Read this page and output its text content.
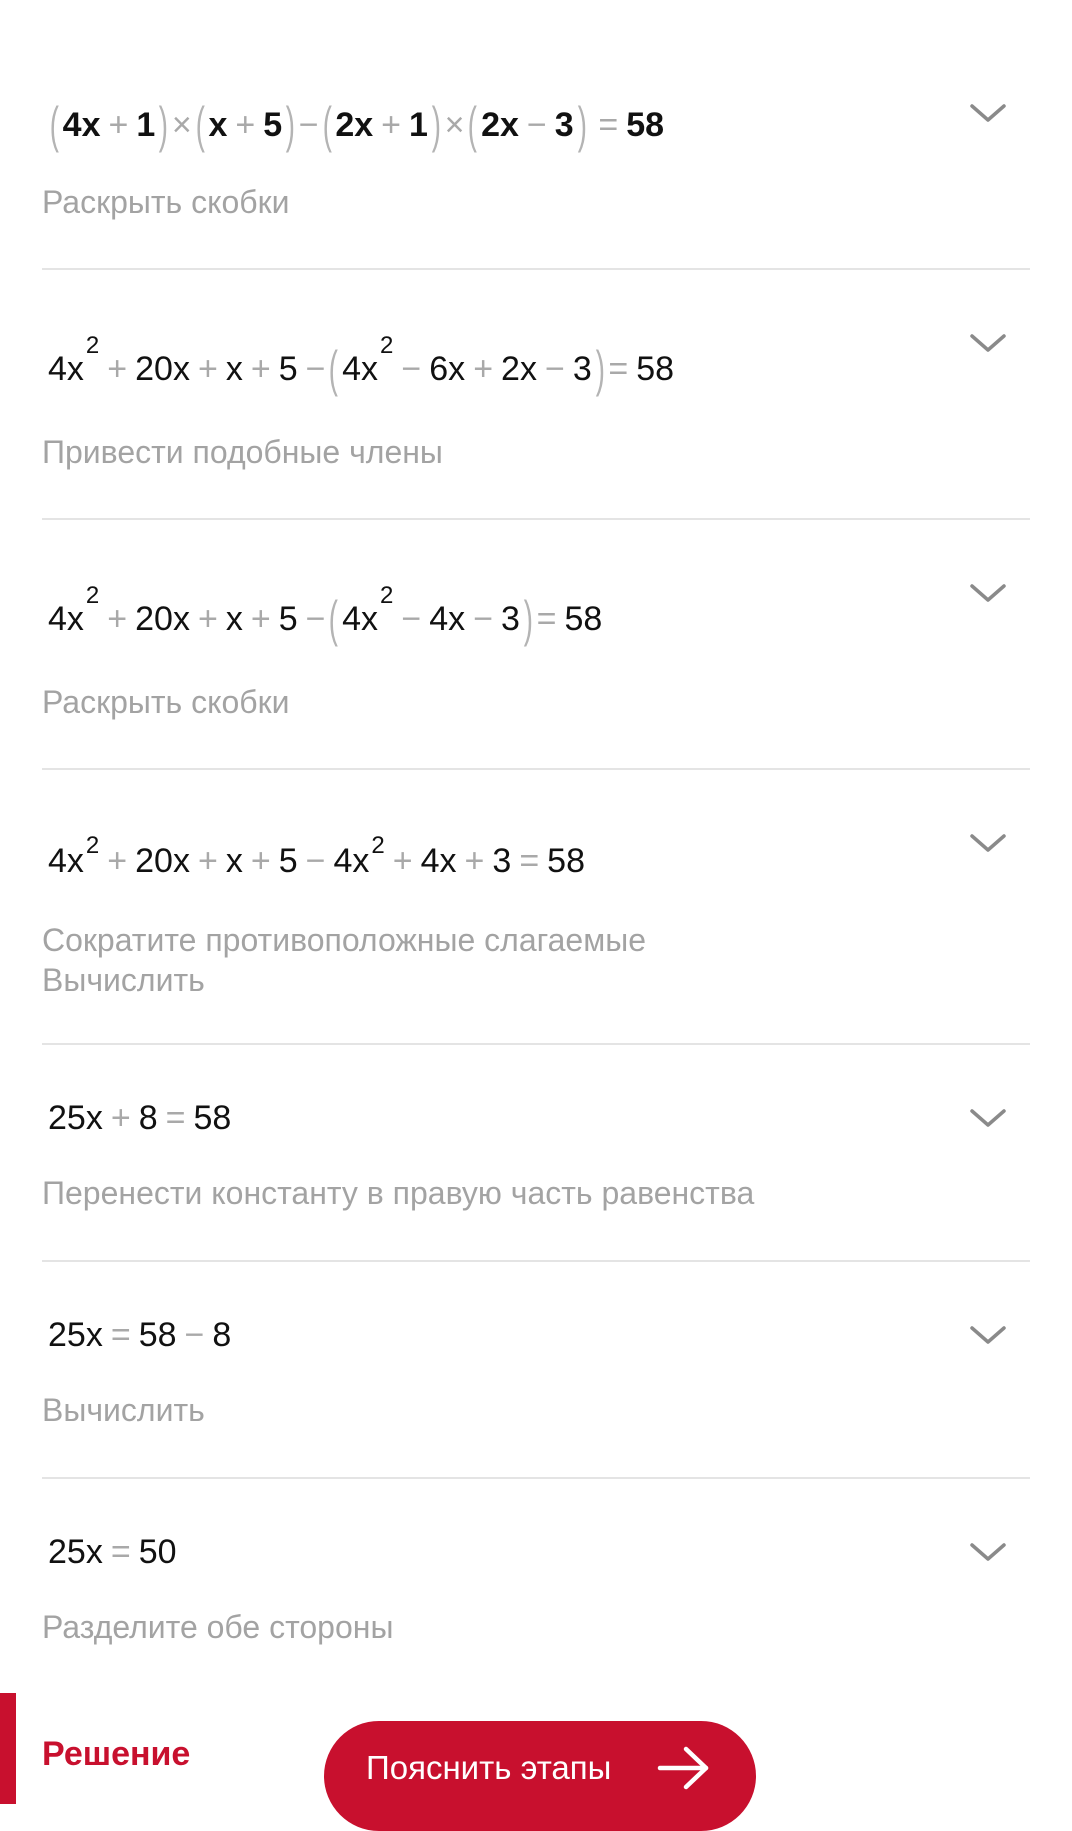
( 4x + 1) ×( x + 5) −( 2x + 1) ×( 2x − 3) = 58
Раскрыть скобки
$4x^2+ 20x + x + 5$ −( $4x^2- 6x + 2x - 3) = 58$
Привести подобные члены
$4x^2+ 20x + x + 5$ −( $4x^2- 4x - 3) = 58$
Раскрыть скобки
$4x^2 + 20x + x + 5 - 4x^2 + 4x + 3 = 58$
Сократите противоположные слагаемые
Вычислить
25x + 8 = 58
Перенести константу в правую часть равенства
25x = 58 − 8
Вычислить
25x = 50
Разделите обе стороны
Решение	Пояснить этапы
